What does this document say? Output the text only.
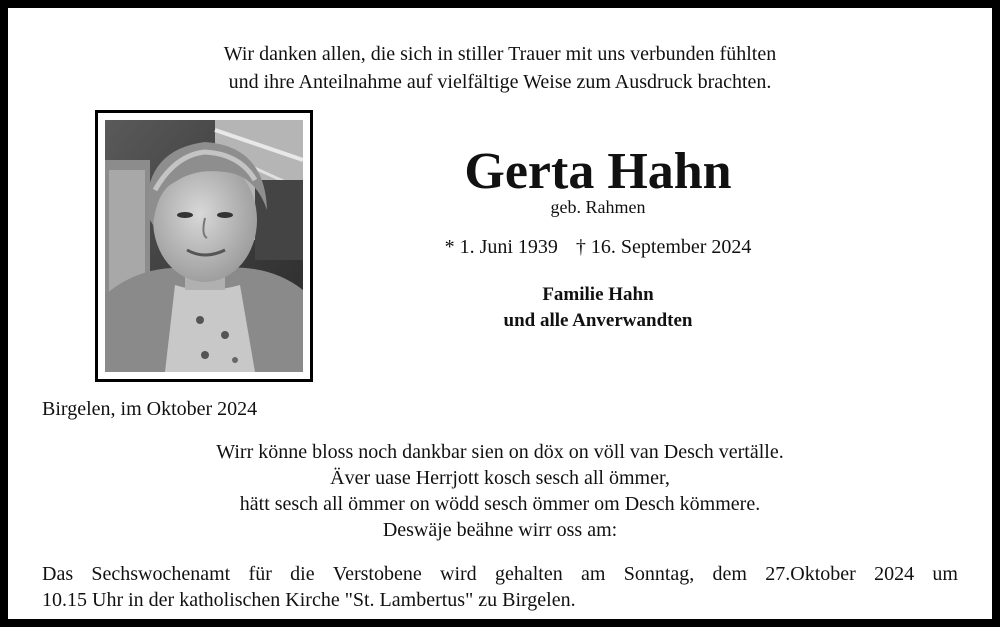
Wir danken allen, die sich in stiller Trauer mit uns verbunden fühlten
und ihre Anteilnahme auf vielfältige Weise zum Ausdruck brachten.
Gerta Hahn
geb. Rahmen
* 1. Juni 1939 † 16. September 2024
Familie Hahn
und alle Anverwandten
Birgelen, im Oktober 2024
Wirr könne bloss noch dankbar sien on döx on völl van Desch vertälle.
Äver uase Herrjott kosch sesch all ömmer,
hätt sesch all ömmer on wödd sesch ömmer om Desch kömmere.
Deswäje beähne wirr oss am:
Das Sechswochenamt für die Verstobene wird gehalten am Sonntag, dem 27.Oktober 2024 um
10.15 Uhr in der katholischen Kirche "St. Lambertus" zu Birgelen.
